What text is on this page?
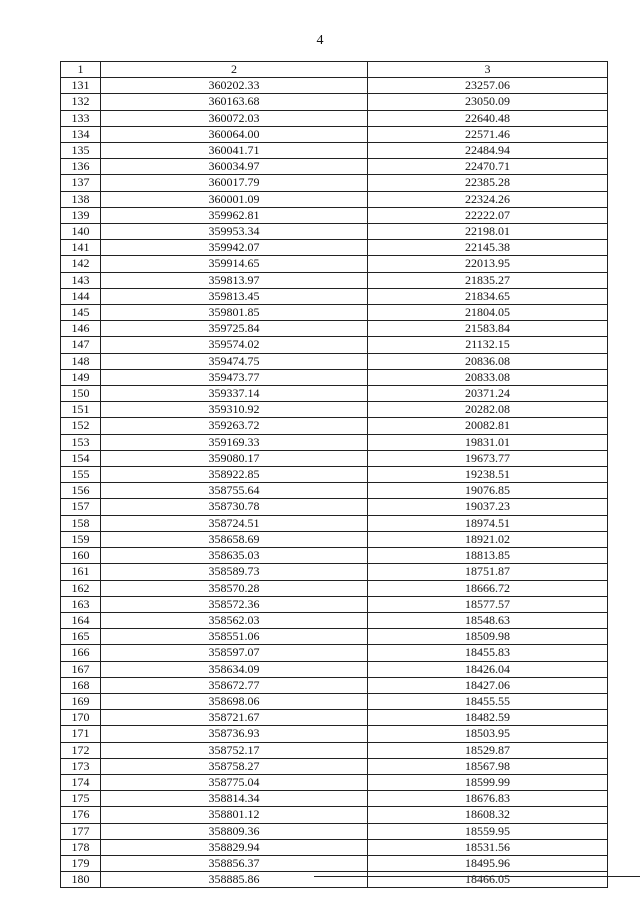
4
1	2	3
131	360202.33	23257.06
132	360163.68	23050.09
133	360072.03	22640.48
134	360064.00	22571.46
135	360041.71	22484.94
136	360034.97	22470.71
137	360017.79	22385.28
138	360001.09	22324.26
139	359962.81	22222.07
140	359953.34	22198.01
141	359942.07	22145.38
142	359914.65	22013.95
143	359813.97	21835.27
144	359813.45	21834.65
145	359801.85	21804.05
146	359725.84	21583.84
147	359574.02	21132.15
148	359474.75	20836.08
149	359473.77	20833.08
150	359337.14	20371.24
151	359310.92	20282.08
152	359263.72	20082.81
153	359169.33	19831.01
154	359080.17	19673.77
155	358922.85	19238.51
156	358755.64	19076.85
157	358730.78	19037.23
158	358724.51	18974.51
159	358658.69	18921.02
160	358635.03	18813.85
161	358589.73	18751.87
162	358570.28	18666.72
163	358572.36	18577.57
164	358562.03	18548.63
165	358551.06	18509.98
166	358597.07	18455.83
167	358634.09	18426.04
168	358672.77	18427.06
169	358698.06	18455.55
170	358721.67	18482.59
171	358736.93	18503.95
172	358752.17	18529.87
173	358758.27	18567.98
174	358775.04	18599.99
175	358814.34	18676.83
176	358801.12	18608.32
177	358809.36	18559.95
178	358829.94	18531.56
179	358856.37	18495.96
180	358885.86	18466.05
